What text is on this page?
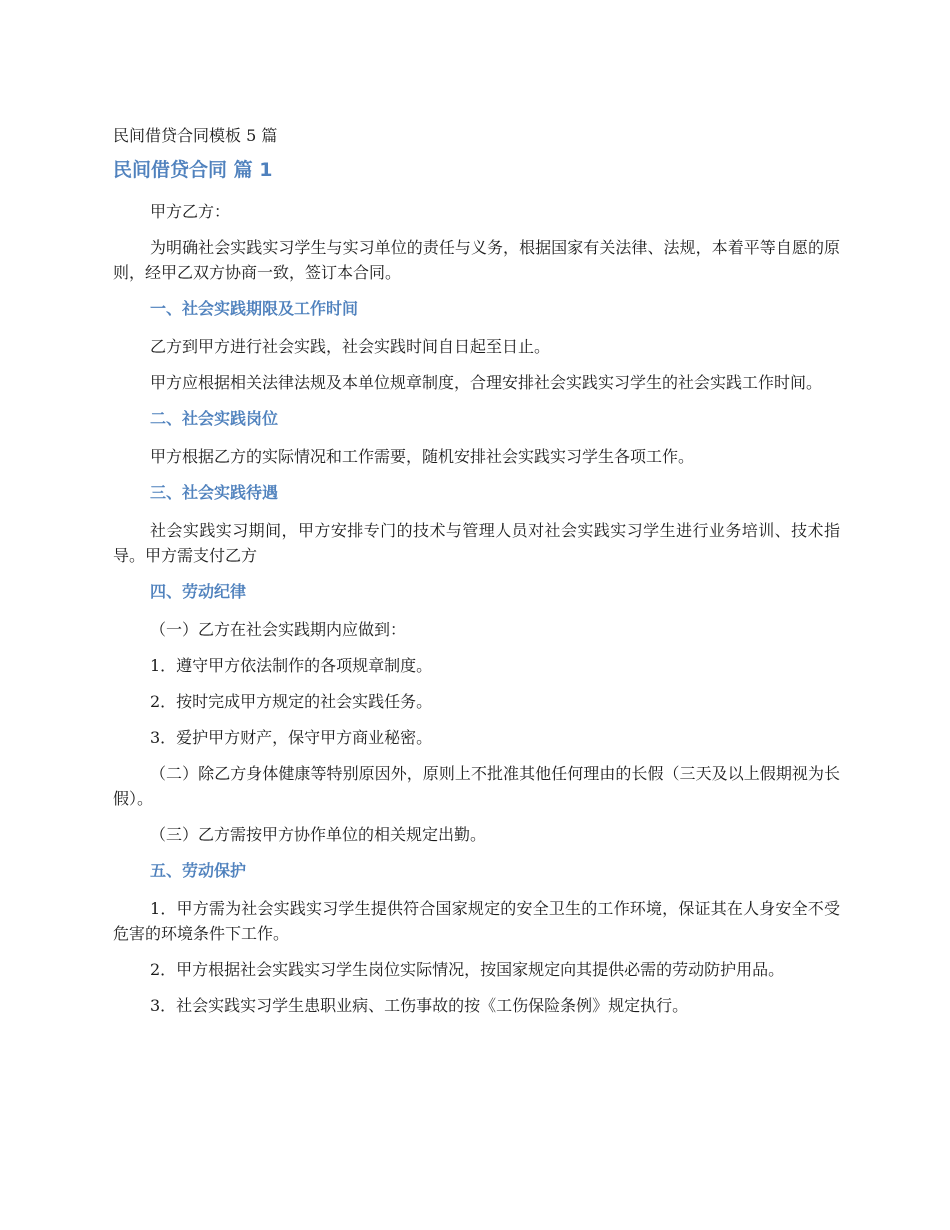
民间借贷合同模板 5 篇
民间借贷合同 篇 1

甲方乙方：

为明确社会实践实习学生与实习单位的责任与义务，根据国家有关法律、法规，本着平等自愿的原则，经甲乙双方协商一致，签订本合同。

一、社会实践期限及工作时间

乙方到甲方进行社会实践，社会实践时间自日起至日止。

甲方应根据相关法律法规及本单位规章制度，合理安排社会实践实习学生的社会实践工作时间。

二、社会实践岗位

甲方根据乙方的实际情况和工作需要，随机安排社会实践实习学生各项工作。

三、社会实践待遇

社会实践实习期间，甲方安排专门的技术与管理人员对社会实践实习学生进行业务培训、技术指导。甲方需支付乙方

四、劳动纪律

（一）乙方在社会实践期内应做到：

1．遵守甲方依法制作的各项规章制度。

2．按时完成甲方规定的社会实践任务。

3．爱护甲方财产，保守甲方商业秘密。

（二）除乙方身体健康等特别原因外，原则上不批准其他任何理由的长假（三天及以上假期视为长假）。

（三）乙方需按甲方协作单位的相关规定出勤。

五、劳动保护

1．甲方需为社会实践实习学生提供符合国家规定的安全卫生的工作环境，保证其在人身安全不受危害的环境条件下工作。

2．甲方根据社会实践实习学生岗位实际情况，按国家规定向其提供必需的劳动防护用品。

3．社会实践实习学生患职业病、工伤事故的按《工伤保险条例》规定执行。
